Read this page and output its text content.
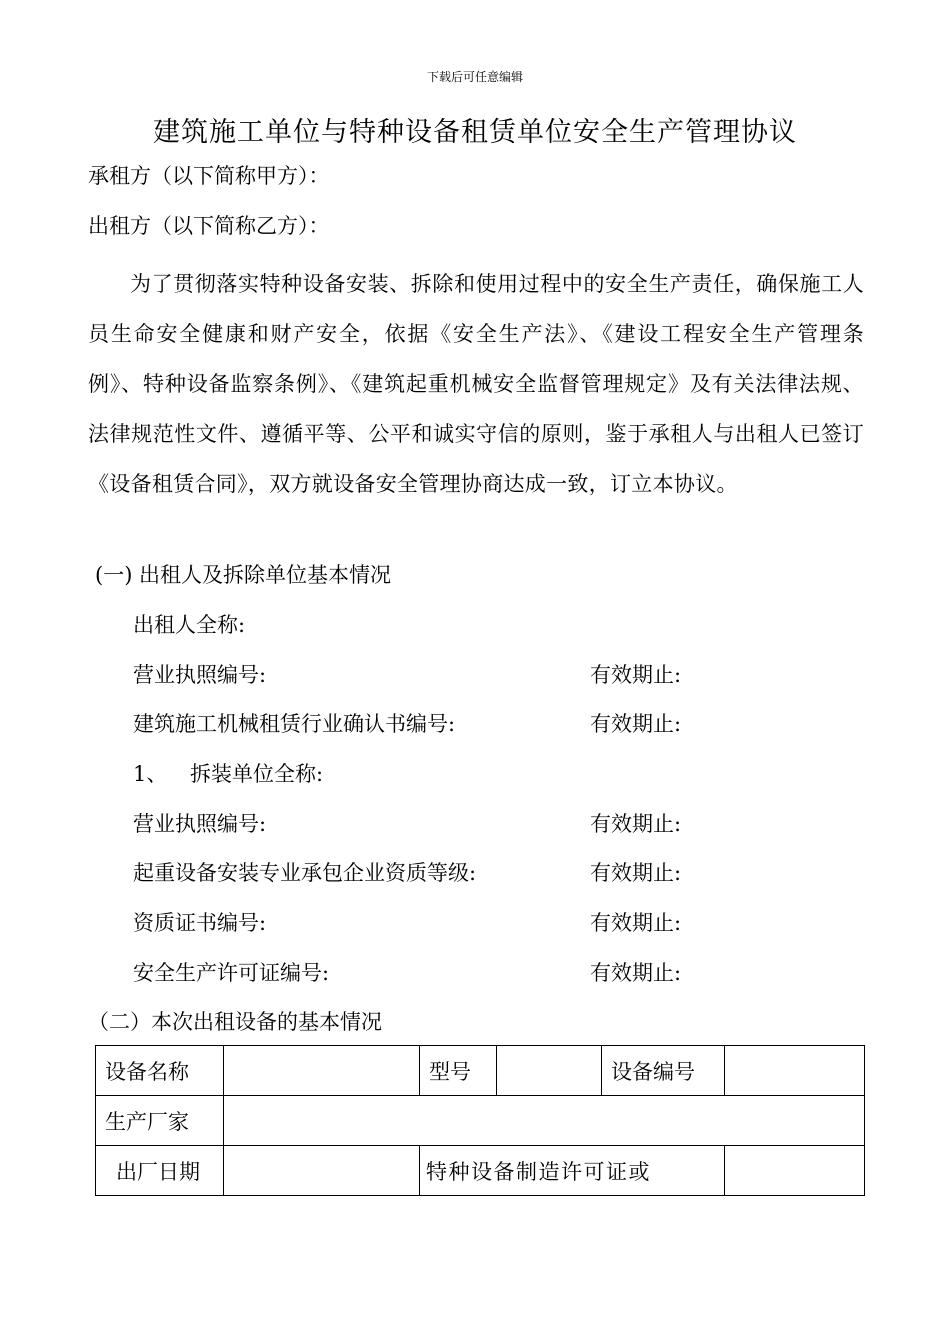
下载后可任意编辑
建筑施工单位与特种设备租赁单位安全生产管理协议
承租方（以下简称甲方）：
出租方（以下简称乙方）：
为了贯彻落实特种设备安装、拆除和使用过程中的安全生产责任，确保施工人员生命安全健康和财产安全，依据《安全生产法》、《建设工程安全生产管理条例》、特种设备监察条例》、《建筑起重机械安全监督管理规定》及有关法律法规、法律规范性文件、遵循平等、公平和诚实守信的原则，鉴于承租人与出租人已签订《设备租赁合同》，双方就设备安全管理协商达成一致，订立本协议。
(一) 出租人及拆除单位基本情况
出租人全称:
营业执照编号:	有效期止:
建筑施工机械租赁行业确认书编号:	有效期止:
1、 拆装单位全称:
营业执照编号:	有效期止:
起重设备安装专业承包企业资质等级:	有效期止:
资质证书编号:	有效期止:
安全生产许可证编号:	有效期止:
（二）本次出租设备的基本情况
设备名称		型号		设备编号	
生产厂家					
出厂日期		特种设备制造许可证或			
